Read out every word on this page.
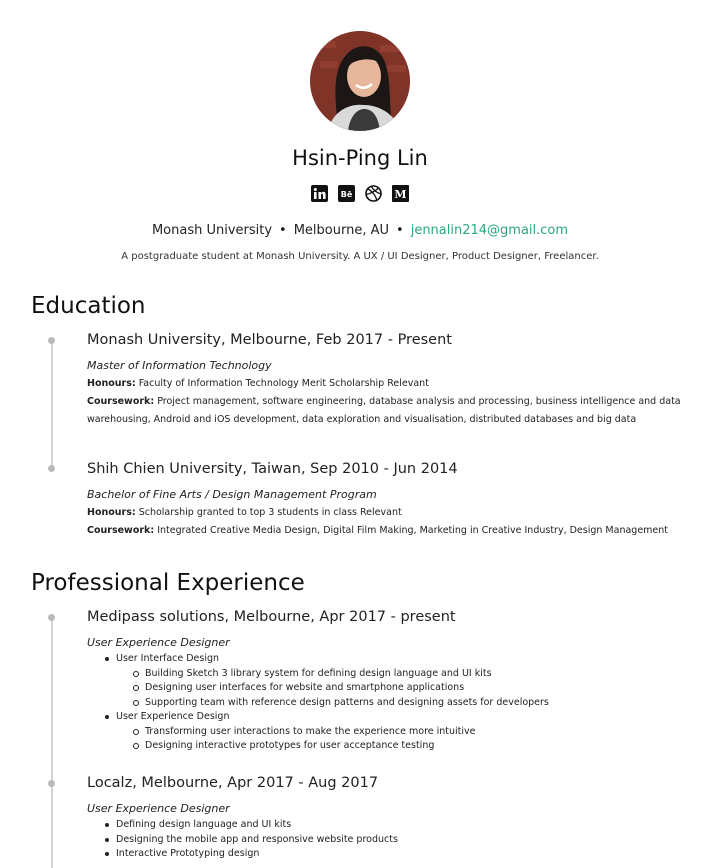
Hsin-Ping Lin
Bē	M
Monash University • Melbourne, AU • jennalin214@gmail.com
A postgraduate student at Monash University. A UX / UI Designer, Product Designer, Freelancer.
Education
Monash University, Melbourne, Feb 2017 - Present
Master of Information Technology
Honours: Faculty of Information Technology Merit Scholarship Relevant
Coursework: Project management, software engineering, database analysis and processing, business intelligence and data
warehousing, Android and iOS development, data exploration and visualisation, distributed databases and big data
Shih Chien University, Taiwan, Sep 2010 - Jun 2014
Bachelor of Fine Arts / Design Management Program
Honours: Scholarship granted to top 3 students in class Relevant
Coursework: Integrated Creative Media Design, Digital Film Making, Marketing in Creative Industry, Design Management
Professional Experience
Medipass solutions, Melbourne, Apr 2017 - present
User Experience Designer
User Interface Design
Building Sketch 3 library system for defining design language and UI kits
Designing user interfaces for website and smartphone applications
Supporting team with reference design patterns and designing assets for developers
User Experience Design
Transforming user interactions to make the experience more intuitive
Designing interactive prototypes for user acceptance testing
Localz, Melbourne, Apr 2017 - Aug 2017
User Experience Designer
Defining design language and UI kits
Designing the mobile app and responsive website products
Interactive Prototyping design
